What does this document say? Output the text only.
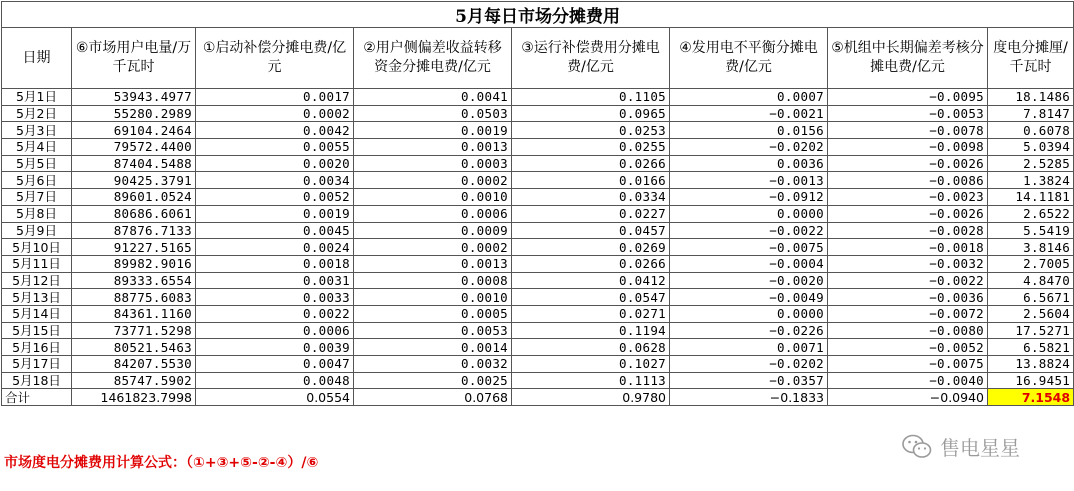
5月每日市场分摊费用							
日期	⑥市场用户电量/万千瓦时	①启动补偿分摊电费/亿元	②用户侧偏差收益转移资金分摊电费/亿元	③运行补偿费用分摊电费/亿元	④发用电不平衡分摊电费/亿元	⑤机组中长期偏差考核分摊电费/亿元	度电分摊厘/千瓦时
5月1日	53943.4977	0.0017	0.0041	0.1105	0.0007	−0.0095	18.1486
5月2日	55280.2989	0.0002	0.0503	0.0965	−0.0021	−0.0053	7.8147
5月3日	69104.2464	0.0042	0.0019	0.0253	0.0156	−0.0078	0.6078
5月4日	79572.4400	0.0055	0.0013	0.0255	−0.0202	−0.0098	5.0394
5月5日	87404.5488	0.0020	0.0003	0.0266	0.0036	−0.0026	2.5285
5月6日	90425.3791	0.0034	0.0002	0.0166	−0.0013	−0.0086	1.3824
5月7日	89601.0524	0.0052	0.0010	0.0334	−0.0912	−0.0023	14.1181
5月8日	80686.6061	0.0019	0.0006	0.0227	0.0000	−0.0026	2.6522
5月9日	87876.7133	0.0045	0.0009	0.0457	−0.0022	−0.0028	5.5419
5月10日	91227.5165	0.0024	0.0002	0.0269	−0.0075	−0.0018	3.8146
5月11日	89982.9016	0.0018	0.0013	0.0266	−0.0004	−0.0032	2.7005
5月12日	89333.6554	0.0031	0.0008	0.0412	−0.0020	−0.0022	4.8470
5月13日	88775.6083	0.0033	0.0010	0.0547	−0.0049	−0.0036	6.5671
5月14日	84361.1160	0.0022	0.0005	0.0271	0.0000	−0.0072	2.5604
5月15日	73771.5298	0.0006	0.0053	0.1194	−0.0226	−0.0080	17.5271
5月16日	80521.5463	0.0039	0.0014	0.0628	0.0071	−0.0052	6.5821
5月17日	84207.5530	0.0047	0.0032	0.1027	−0.0202	−0.0075	13.8824
5月18日	85747.5902	0.0048	0.0025	0.1113	−0.0357	−0.0040	16.9451
合计	1461823.7998	0.0554	0.0768	0.9780	−0.1833	−0.0940	7.1548
市场度电分摊费用计算公式：（①+③+⑤-②-④）/⑥
售电星星
